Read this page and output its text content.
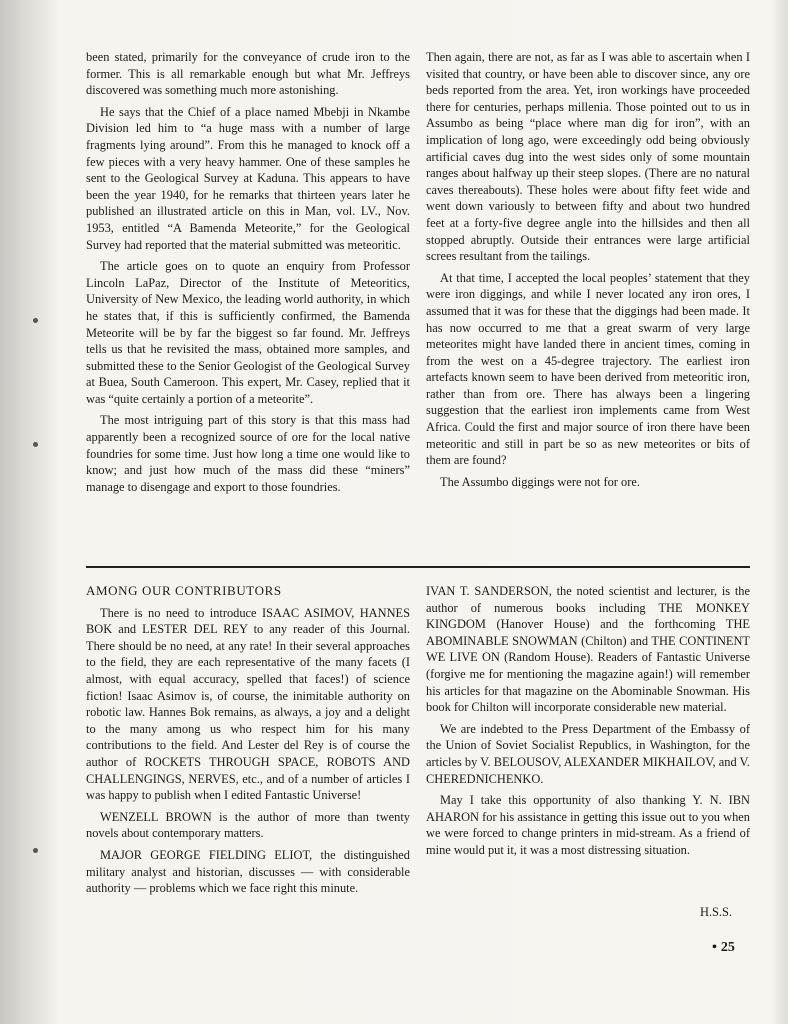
been stated, primarily for the conveyance of crude iron to the former. This is all remarkable enough but what Mr. Jeffreys discovered was something much more astonishing.

He says that the Chief of a place named Mbebji in Nkambe Division led him to “a huge mass with a number of large fragments lying around”. From this he managed to knock off a few pieces with a very heavy hammer. One of these samples he sent to the Geological Survey at Kaduna. This appears to have been the year 1940, for he remarks that thirteen years later he published an illustrated article on this in Man, vol. LV., Nov. 1953, entitled “A Bamenda Meteorite,” for the Geological Survey had reported that the material submitted was meteoritic.

The article goes on to quote an enquiry from Professor Lincoln LaPaz, Director of the Institute of Meteoritics, University of New Mexico, the leading world authority, in which he states that, if this is sufficiently confirmed, the Bamenda Meteorite will be by far the biggest so far found. Mr. Jeffreys tells us that he revisited the mass, obtained more samples, and submitted these to the Senior Geologist of the Geological Survey at Buea, South Cameroon. This expert, Mr. Casey, replied that it was “quite certainly a portion of a meteorite”.

The most intriguing part of this story is that this mass had apparently been a recognized source of ore for the local native foundries for some time. Just how long a time one would like to know; and just how much of the mass did these “miners” manage to disengage and export to those foundries.

Then again, there are not, as far as I was able to ascertain when I visited that country, or have been able to discover since, any ore beds reported from the area. Yet, iron workings have proceeded there for centuries, perhaps millenia. Those pointed out to us in Assumbo as being “place where man dig for iron”, with an implication of long ago, were exceedingly odd being obviously artificial caves dug into the west sides only of some mountain ranges about halfway up their steep slopes. (There are no natural caves thereabouts). These holes were about fifty feet wide and went down variously to between fifty and about two hundred feet at a forty-five degree angle into the hillsides and then all stopped abruptly. Outside their entrances were large artificial screes resultant from the tailings.

At that time, I accepted the local peoples’ statement that they were iron diggings, and while I never located any iron ores, I assumed that it was for these that the diggings had been made. It has now occurred to me that a great swarm of very large meteorites might have landed there in ancient times, coming in from the west on a 45-degree trajectory. The earliest iron artefacts known seem to have been derived from meteoritic iron, rather than from ore. There has always been a lingering suggestion that the earliest iron implements came from West Africa. Could the first and major source of iron there have been meteoritic and still in part be so as new meteorites or bits of them are found?

The Assumbo diggings were not for ore.

AMONG OUR CONTRIBUTORS

There is no need to introduce ISAAC ASIMOV, HANNES BOK and LESTER DEL REY to any reader of this Journal. There should be no need, at any rate! In their several approaches to the field, they are each representative of the many facets (I almost, with equal accuracy, spelled that faces!) of science fiction! Isaac Asimov is, of course, the inimitable authority on robotic law. Hannes Bok remains, as always, a joy and a delight to the many among us who respect him for his many contributions to the field. And Lester del Rey is of course the author of ROCKETS THROUGH SPACE, ROBOTS AND CHALLENGINGS, NERVES, etc., and of a number of articles I was happy to publish when I edited Fantastic Universe!

WENZELL BROWN is the author of more than twenty novels about contemporary matters.

MAJOR GEORGE FIELDING ELIOT, the distinguished military analyst and historian, discusses — with considerable authority — problems which we face right this minute.

IVAN T. SANDERSON, the noted scientist and lecturer, is the author of numerous books including THE MONKEY KINGDOM (Hanover House) and the forthcoming THE ABOMINABLE SNOWMAN (Chilton) and THE CONTINENT WE LIVE ON (Random House). Readers of Fantastic Universe (forgive me for mentioning the magazine again!) will remember his articles for that magazine on the Abominable Snowman. His book for Chilton will incorporate considerable new material.

We are indebted to the Press Department of the Embassy of the Union of Soviet Socialist Republics, in Washington, for the articles by V. BELOUSOV, ALEXANDER MIKHAILOV, and V. CHEREDNICHENKO.

May I take this opportunity of also thanking Y. N. IBN AHARON for his assistance in getting this issue out to you when we were forced to change printers in mid-stream. As a friend of mine would put it, it was a most distressing situation.

H.S.S.
• 25
